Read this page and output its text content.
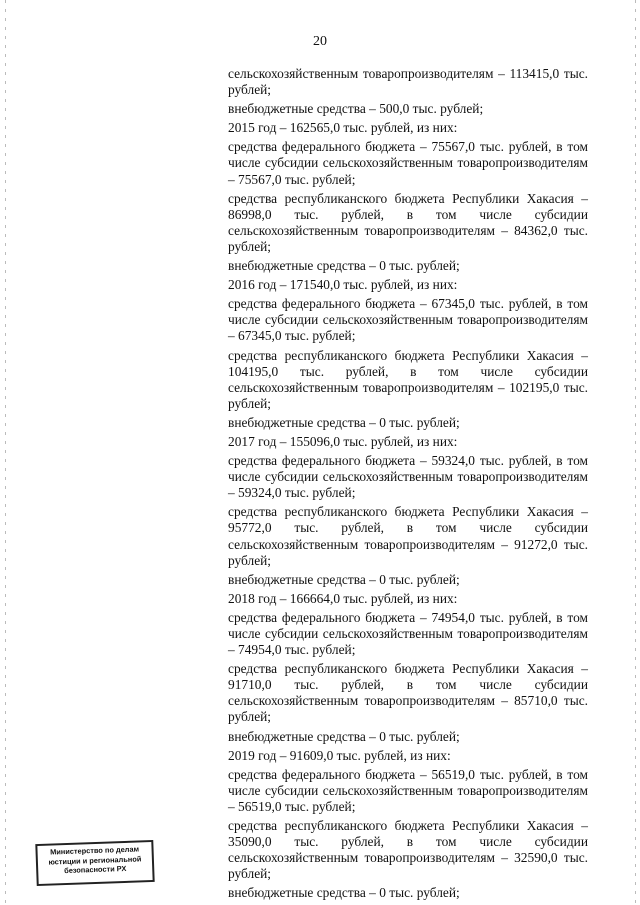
20

сельскохозяйственным товаропроизводителям – 113415,0 тыс. рублей;

внебюджетные средства – 500,0 тыс. рублей;

2015 год – 162565,0 тыс. рублей, из них:

средства федерального бюджета – 75567,0 тыс. рублей, в том числе субсидии сельскохозяйственным товаропроизводителям – 75567,0 тыс. рублей;

средства республиканского бюджета Республики Хакасия – 86998,0 тыс. рублей, в том числе субсидии сельскохозяйственным товаропроизводителям – 84362,0 тыс. рублей;

внебюджетные средства – 0 тыс. рублей;

2016 год – 171540,0 тыс. рублей, из них:

средства федерального бюджета – 67345,0 тыс. рублей, в том числе субсидии сельскохозяйственным товаропроизводителям – 67345,0 тыс. рублей;

средства республиканского бюджета Республики Хакасия – 104195,0 тыс. рублей, в том числе субсидии сельскохозяйственным товаропроизводителям – 102195,0 тыс. рублей;

внебюджетные средства – 0 тыс. рублей;

2017 год – 155096,0 тыс. рублей, из них:

средства федерального бюджета – 59324,0 тыс. рублей, в том числе субсидии сельскохозяйственным товаропроизводителям – 59324,0 тыс. рублей;

средства республиканского бюджета Республики Хакасия – 95772,0 тыс. рублей, в том числе субсидии сельскохозяйственным товаропроизводителям – 91272,0 тыс. рублей;

внебюджетные средства – 0 тыс. рублей;

2018 год – 166664,0 тыс. рублей, из них:

средства федерального бюджета – 74954,0 тыс. рублей, в том числе субсидии сельскохозяйственным товаропроизводителям – 74954,0 тыс. рублей;

средства республиканского бюджета Республики Хакасия – 91710,0 тыс. рублей, в том числе субсидии сельскохозяйственным товаропроизводителям – 85710,0 тыс. рублей;

внебюджетные средства – 0 тыс. рублей;

2019 год – 91609,0 тыс. рублей, из них:

средства федерального бюджета – 56519,0 тыс. рублей, в том числе субсидии сельскохозяйственным товаропроизводителям – 56519,0 тыс. рублей;

средства республиканского бюджета Республики Хакасия – 35090,0 тыс. рублей, в том числе субсидии сельскохозяйственным товаропроизводителям – 32590,0 тыс. рублей;

внебюджетные средства – 0 тыс. рублей;

Министерство по делам
юстиции и региональной
безопасности РХ
